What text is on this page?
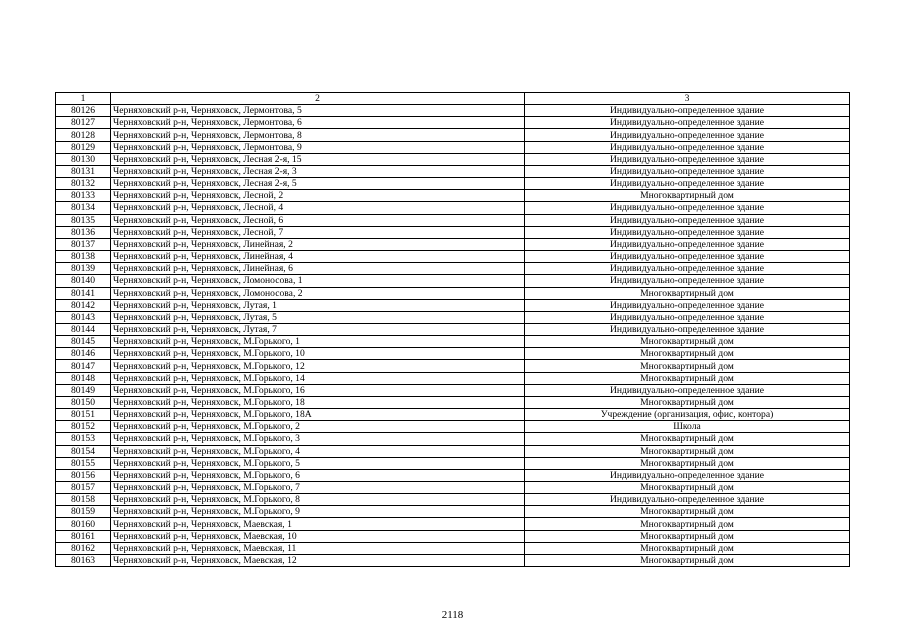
1	2	3
80126	Черняховский р-н, Черняховск, Лермонтова, 5	Индивидуально-определенное здание
80127	Черняховский р-н, Черняховск, Лермонтова, 6	Индивидуально-определенное здание
80128	Черняховский р-н, Черняховск, Лермонтова, 8	Индивидуально-определенное здание
80129	Черняховский р-н, Черняховск, Лермонтова, 9	Индивидуально-определенное здание
80130	Черняховский р-н, Черняховск, Лесная 2-я, 15	Индивидуально-определенное здание
80131	Черняховский р-н, Черняховск, Лесная 2-я, 3	Индивидуально-определенное здание
80132	Черняховский р-н, Черняховск, Лесная 2-я, 5	Индивидуально-определенное здание
80133	Черняховский р-н, Черняховск, Лесной, 2	Многоквартирный дом
80134	Черняховский р-н, Черняховск, Лесной, 4	Индивидуально-определенное здание
80135	Черняховский р-н, Черняховск, Лесной, 6	Индивидуально-определенное здание
80136	Черняховский р-н, Черняховск, Лесной, 7	Индивидуально-определенное здание
80137	Черняховский р-н, Черняховск, Линейная, 2	Индивидуально-определенное здание
80138	Черняховский р-н, Черняховск, Линейная, 4	Индивидуально-определенное здание
80139	Черняховский р-н, Черняховск, Линейная, 6	Индивидуально-определенное здание
80140	Черняховский р-н, Черняховск, Ломоносова, 1	Индивидуально-определенное здание
80141	Черняховский р-н, Черняховск, Ломоносова, 2	Многоквартирный дом
80142	Черняховский р-н, Черняховск, Лутая, 1	Индивидуально-определенное здание
80143	Черняховский р-н, Черняховск, Лутая, 5	Индивидуально-определенное здание
80144	Черняховский р-н, Черняховск, Лутая, 7	Индивидуально-определенное здание
80145	Черняховский р-н, Черняховск, М.Горького, 1	Многоквартирный дом
80146	Черняховский р-н, Черняховск, М.Горького, 10	Многоквартирный дом
80147	Черняховский р-н, Черняховск, М.Горького, 12	Многоквартирный дом
80148	Черняховский р-н, Черняховск, М.Горького, 14	Многоквартирный дом
80149	Черняховский р-н, Черняховск, М.Горького, 16	Индивидуально-определенное здание
80150	Черняховский р-н, Черняховск, М.Горького, 18	Многоквартирный дом
80151	Черняховский р-н, Черняховск, М.Горького, 18А	Учреждение (организация, офис, контора)
80152	Черняховский р-н, Черняховск, М.Горького, 2	Школа
80153	Черняховский р-н, Черняховск, М.Горького, 3	Многоквартирный дом
80154	Черняховский р-н, Черняховск, М.Горького, 4	Многоквартирный дом
80155	Черняховский р-н, Черняховск, М.Горького, 5	Многоквартирный дом
80156	Черняховский р-н, Черняховск, М.Горького, 6	Индивидуально-определенное здание
80157	Черняховский р-н, Черняховск, М.Горького, 7	Многоквартирный дом
80158	Черняховский р-н, Черняховск, М.Горького, 8	Индивидуально-определенное здание
80159	Черняховский р-н, Черняховск, М.Горького, 9	Многоквартирный дом
80160	Черняховский р-н, Черняховск, Маевская, 1	Многоквартирный дом
80161	Черняховский р-н, Черняховск, Маевская, 10	Многоквартирный дом
80162	Черняховский р-н, Черняховск, Маевская, 11	Многоквартирный дом
80163	Черняховский р-н, Черняховск, Маевская, 12	Многоквартирный дом
2118
